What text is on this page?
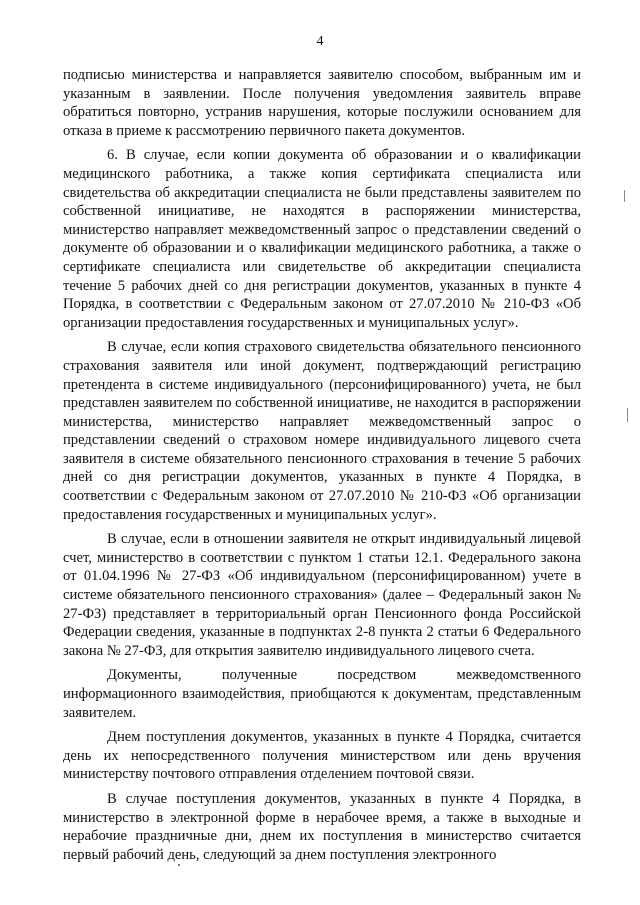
4

подписью министерства и направляется заявителю способом, выбранным им и указанным в заявлении. После получения уведомления заявитель вправе обратиться повторно, устранив нарушения, которые послужили основанием для отказа в приеме к рассмотрению первичного пакета документов.

6. В случае, если копии документа об образовании и о квалификации медицинского работника, а также копия сертификата специалиста или свидетельства об аккредитации специалиста не были представлены заявителем по собственной инициативе, не находятся в распоряжении министерства, министерство направляет межведомственный запрос о представлении сведений о документе об образовании и о квалификации медицинского работника, а также о сертификате специалиста или свидетельстве об аккредитации специалиста течение 5 рабочих дней со дня регистрации документов, указанных в пункте 4 Порядка, в соответствии с Федеральным законом от 27.07.2010 № 210-ФЗ «Об организации предоставления государственных и муниципальных услуг».

В случае, если копия страхового свидетельства обязательного пенсионного страхования заявителя или иной документ, подтверждающий регистрацию претендента в системе индивидуального (персонифицированного) учета, не был представлен заявителем по собственной инициативе, не находится в распоряжении министерства, министерство направляет межведомственный запрос о представлении сведений о страховом номере индивидуального лицевого счета заявителя в системе обязательного пенсионного страхования в течение 5 рабочих дней со дня регистрации документов, указанных в пункте 4 Порядка, в соответствии с Федеральным законом от 27.07.2010 № 210-ФЗ «Об организации предоставления государственных и муниципальных услуг».

В случае, если в отношении заявителя не открыт индивидуальный лицевой счет, министерство в соответствии с пунктом 1 статьи 12.1. Федерального закона от 01.04.1996 № 27-ФЗ «Об индивидуальном (персонифицированном) учете в системе обязательного пенсионного страхования» (далее – Федеральный закон № 27-ФЗ) представляет в территориальный орган Пенсионного фонда Российской Федерации сведения, указанные в подпунктах 2-8 пункта 2 статьи 6 Федерального закона № 27-ФЗ, для открытия заявителю индивидуального лицевого счета.

Документы, полученные посредством межведомственного информационного взаимодействия, приобщаются к документам, представленным заявителем.

Днем поступления документов, указанных в пункте 4 Порядка, считается день их непосредственного получения министерством или день вручения министерству почтового отправления отделением почтовой связи.

В случае поступления документов, указанных в пункте 4 Порядка, в министерство в электронной форме в нерабочее время, а также в выходные и нерабочие праздничные дни, днем их поступления в министерство считается первый рабочий день, следующий за днем поступления электронного
